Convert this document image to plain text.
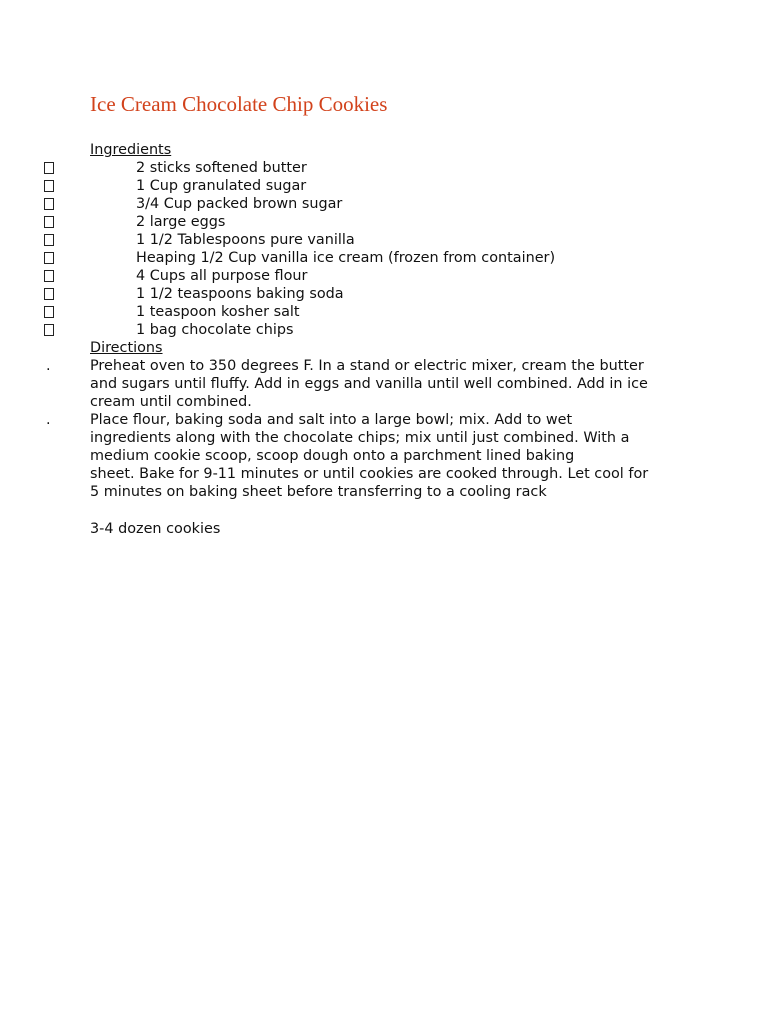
Ice Cream Chocolate Chip Cookies
Ingredients
2 sticks softened butter
1 Cup granulated sugar
3/4 Cup packed brown sugar
2 large eggs
1 1/2 Tablespoons pure vanilla
Heaping 1/2 Cup vanilla ice cream (frozen from container)
4 Cups all purpose flour
1 1/2 teaspoons baking soda
1 teaspoon kosher salt
1 bag chocolate chips
Directions
.	Preheat oven to 350 degrees F. In a stand or electric mixer, cream the butter
and sugars until fluffy. Add in eggs and vanilla until well combined. Add in ice
cream until combined.
.	Place flour, baking soda and salt into a large bowl; mix. Add to wet
ingredients along with the chocolate chips; mix until just combined. With a
medium cookie scoop, scoop dough onto a parchment lined baking
sheet. Bake for 9-11 minutes or until cookies are cooked through. Let cool for
5 minutes on baking sheet before transferring to a cooling rack
3-4 dozen cookies
